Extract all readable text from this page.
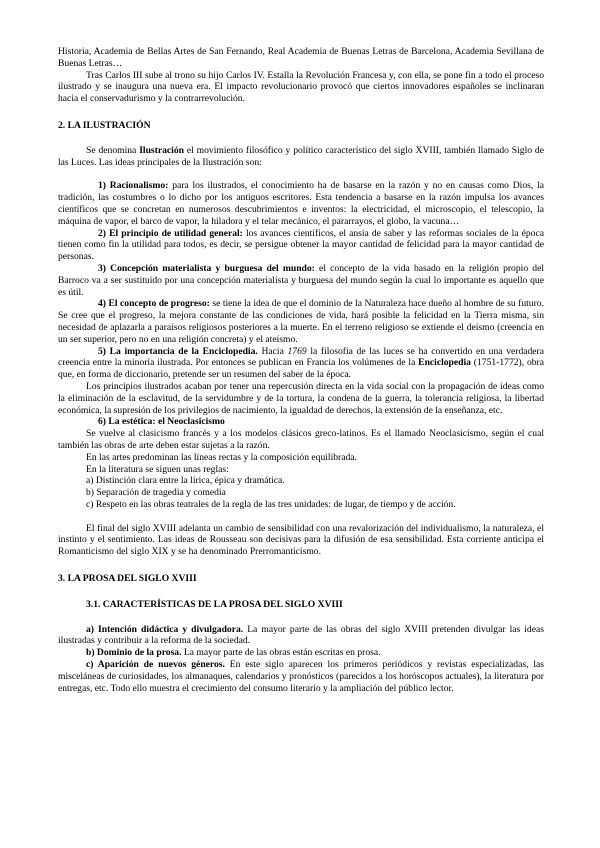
Historia, Academia de Bellas Artes de San Fernando, Real Academia de Buenas Letras de Barcelona, Academia Sevillana de Buenas Letras…

Tras Carlos III sube al trono su hijo Carlos IV. Estalla la Revolución Francesa y, con ella, se pone fin a todo el proceso ilustrado y se inaugura una nueva era. El impacto revolucionario provocó que ciertos innovadores españoles se inclinaran hacia el conservadurismo y la contrarrevolución.

2. LA ILUSTRACIÓN

Se denomina Ilustración el movimiento filosófico y político característico del siglo XVIII, también llamado Siglo de las Luces. Las ideas principales de la Ilustración son:

1) Racionalismo: para los ilustrados, el conocimiento ha de basarse en la razón y no en causas como Dios, la tradición, las costumbres o lo dicho por los antiguos escritores. Esta tendencia a basarse en la razón impulsa los avances científicos que se concretan en numerosos descubrimientos e inventos: la electricidad, el microscopio, el telescopio, la máquina de vapor, el barco de vapor, la hiladora y el telar mecánico, el pararrayos, el globo, la vacuna…

2) El principio de utilidad general: los avances científicos, el ansia de saber y las reformas sociales de la época tienen como fin la utilidad para todos, es decir, se persigue obtener la mayor cantidad de felicidad para la mayor cantidad de personas.

3) Concepción materialista y burguesa del mundo: el concepto de la vida basado en la religión propio del Barroco va a ser sustituido por una concepción materialista y burguesa del mundo según la cual lo importante es aquello que es útil.

4) El concepto de progreso: se tiene la idea de que el dominio de la Naturaleza hace dueño al hombre de su futuro. Se cree que el progreso, la mejora constante de las condiciones de vida, hará posible la felicidad en la Tierra misma, sin necesidad de aplazarla a paraísos religiosos posteriores a la muerte. En el terreno religioso se extiende el deísmo (creencia en un ser superior, pero no en una religión concreta) y el ateísmo.

5) La importancia de la Enciclopedia. Hacia 1769 la filosofía de las luces se ha convertido en una verdadera creencia entre la minoría ilustrada. Por entonces se publican en Francia los volúmenes de la Enciclopedia (1751-1772), obra que, en forma de diccionario, pretende ser un resumen del saber de la época.

Los principios ilustrados acaban por tener una repercusión directa en la vida social con la propagación de ideas como la eliminación de la esclavitud, de la servidumbre y de la tortura, la condena de la guerra, la tolerancia religiosa, la libertad económica, la supresión de los privilegios de nacimiento, la igualdad de derechos, la extensión de la enseñanza, etc.

6) La estética: el Neoclasicismo

Se vuelve al clasicismo francés y a los modelos clásicos greco-latinos. Es el llamado Neoclasicismo, según el cual también las obras de arte deben estar sujetas a la razón.

En las artes predominan las líneas rectas y la composición equilibrada.

En la literatura se siguen unas reglas:

a) Distinción clara entre la lírica, épica y dramática.

b) Separación de tragedia y comedia

c) Respeto en las obras teatrales de la regla de las tres unidades: de lugar, de tiempo y de acción.

El final del siglo XVIII adelanta un cambio de sensibilidad con una revalorización del individualismo, la naturaleza, el instinto y el sentimiento. Las ideas de Rousseau son decisivas para la difusión de esa sensibilidad. Esta corriente anticipa el Romanticismo del siglo XIX y se ha denominado Prerromanticismo.

3. LA PROSA DEL SIGLO XVIII

3.1. CARACTERÍSTICAS DE LA PROSA DEL SIGLO XVIII

a) Intención didáctica y divulgadora. La mayor parte de las obras del siglo XVIII pretenden divulgar las ideas ilustradas y contribuir a la reforma de la sociedad.

b) Dominio de la prosa. La mayor parte de las obras están escritas en prosa.

c) Aparición de nuevos géneros. En este siglo aparecen los primeros periódicos y revistas especializadas, las misceláneas de curiosidades, los almanaques, calendarios y pronósticos (parecidos a los horóscopos actuales), la literatura por entregas, etc. Todo ello muestra el crecimiento del consumo literario y la ampliación del público lector.
